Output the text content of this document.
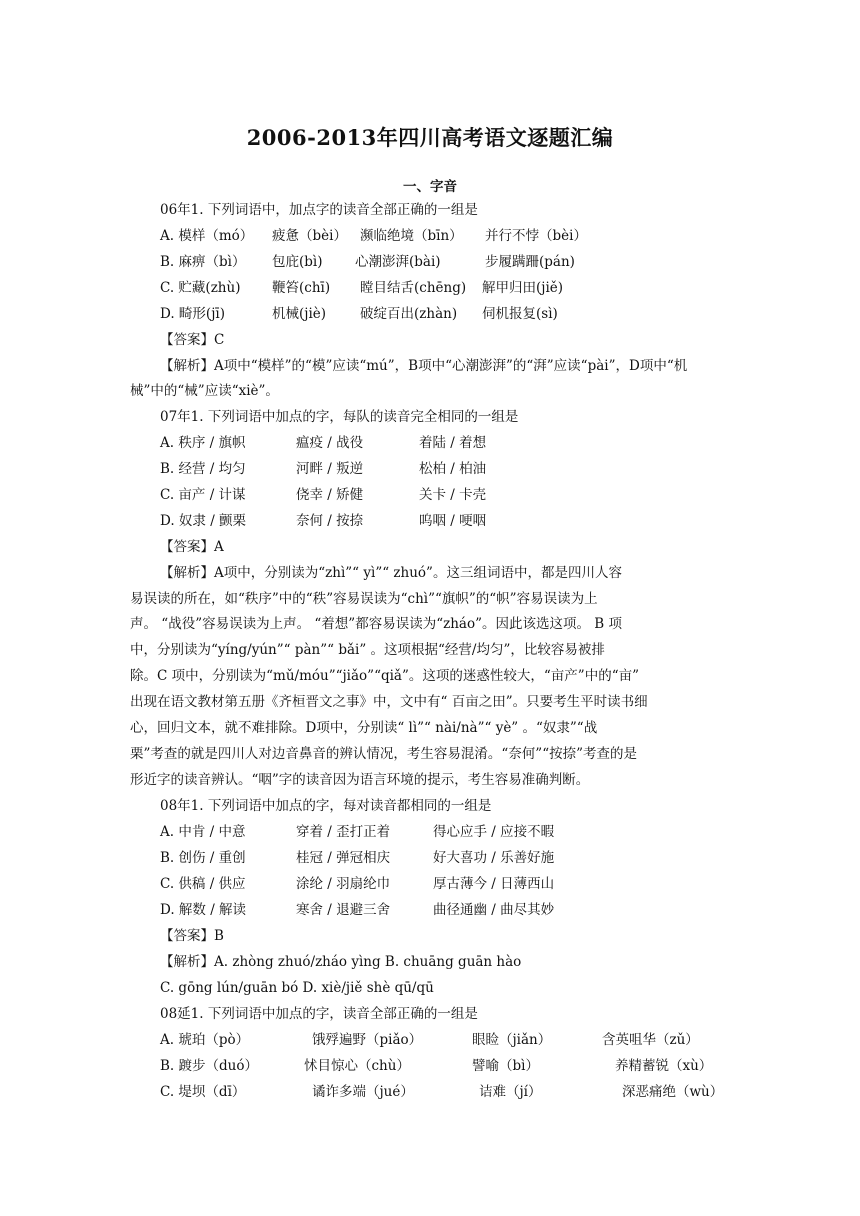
2006-2013年四川高考语文逐题汇编
一、字音
06年1. 下列词语中，加点字的读音全部正确的一组是
A. 模样（mó） 疲惫（bèi） 濒临绝境（bīn） 并行不悖（bèi）
B. 麻痹（bì） 包庇(bì) 心潮澎湃(bài)	步履蹒跚(pán)
C. 贮藏(zhù) 鞭笞(chī) 瞠目结舌(chēng) 解甲归田(jiě)
D. 畸形(jī)	机械(jiè)	破绽百出(zhàn) 伺机报复(sì)
【答案】C
【解析】A项中“模样”的“模”应读“mú”，B项中“心潮澎湃”的“湃”应读“pài”，D项中“机
械”中的“械”应读“xiè”。
07年1. 下列词语中加点的字，每队的读音完全相同的一组是
A. 秩序 / 旗帜	瘟疫 / 战役	着陆 / 着想
B. 经营 / 均匀	河畔 / 叛逆	松柏 / 柏油
C. 亩产 / 计谋	侥幸 / 矫健	关卡 / 卡壳
D. 奴隶 / 颤栗	奈何 / 按捺	呜咽 / 哽咽
【答案】A
【解析】A项中，分别读为“zhì”“ yì”“ zhuó”。这三组词语中，都是四川人容
易误读的所在，如“秩序”中的“秩”容易误读为“chì”“旗帜”的“帜”容易误读为上
声。 “战役”容易误读为上声。 “着想”都容易误读为“zháo”。因此该选这项。 B 项
中，分别读为“yíng/yún”“ pàn”“ bǎi” 。这项根据“经营/均匀”，比较容易被排
除。C 项中，分别读为“mǔ/móu”“jiǎo”“qiǎ”。这项的迷惑性较大，“亩产”中的“亩”
出现在语文教材第五册《齐桓晋文之事》中，文中有“ 百亩之田”。只要考生平时读书细
心，回归文本，就不难排除。D项中，分别读“ lì”“ nài/nà”“ yè” 。“奴隶”“战
栗”考查的就是四川人对边音鼻音的辨认情况，考生容易混淆。“奈何”“按捺”考查的是
形近字的读音辨认。“咽”字的读音因为语言环境的提示，考生容易准确判断。
08年1. 下列词语中加点的字，每对读音都相同的一组是
A. 中肯 / 中意	穿着 / 歪打正着	得心应手 / 应接不暇
B. 创伤 / 重创	桂冠 / 弹冠相庆	好大喜功 / 乐善好施
C. 供稿 / 供应	涂纶 / 羽扇纶巾	厚古薄今 / 日薄西山
D. 解数 / 解读	寒舍 / 退避三舍	曲径通幽 / 曲尽其妙
【答案】B
【解析】A. zhòng zhuó/zháo yìng B. chuāng guān hào
C. gōng lún/guān bó D. xiè/jiě shè qū/qū
08延1. 下列词语中加点的字，读音全部正确的一组是
A. 琥珀（pò）	饿殍遍野（piǎo）	眼睑（jiǎn）	含英咀华（zǔ）
B. 踱步（duó）	怵目惊心（chù）	譬喻（bì）	养精蓄锐（xù）
C. 堤坝（dī）	谲诈多端（jué）	诘难（jí）	深恶痛绝（wù）
